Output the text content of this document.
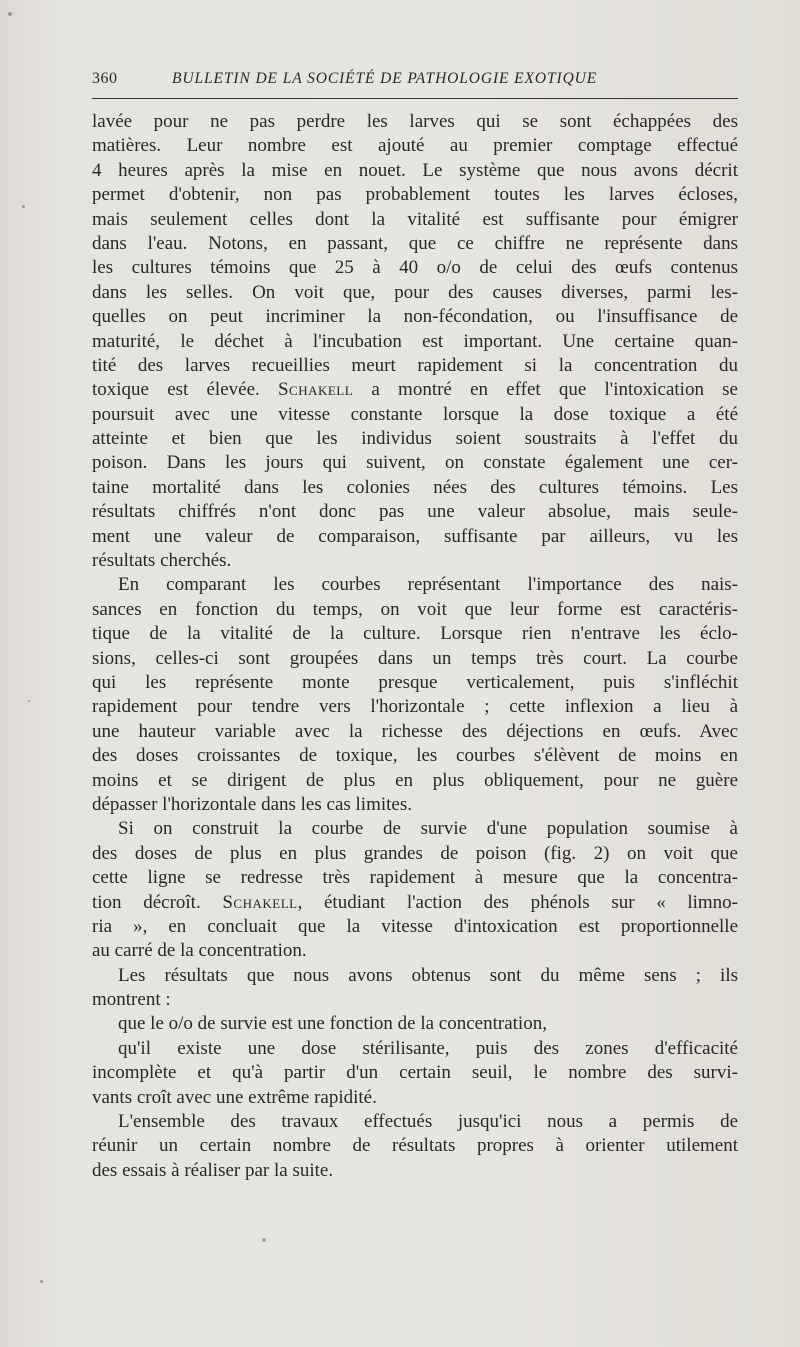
360	BULLETIN DE LA SOCIÉTÉ DE PATHOLOGIE EXOTIQUE
lavée pour ne pas perdre les larves qui se sont échappées des
matières. Leur nombre est ajouté au premier comptage effectué
4 heures après la mise en nouet. Le système que nous avons décrit
permet d'obtenir, non pas probablement toutes les larves écloses,
mais seulement celles dont la vitalité est suffisante pour émigrer
dans l'eau. Notons, en passant, que ce chiffre ne représente dans
les cultures témoins que 25 à 40 o/o de celui des œufs contenus
dans les selles. On voit que, pour des causes diverses, parmi les-
quelles on peut incriminer la non-fécondation, ou l'insuffisance de
maturité, le déchet à l'incubation est important. Une certaine quan-
tité des larves recueillies meurt rapidement si la concentration du
toxique est élevée. Schakell a montré en effet que l'intoxication se
poursuit avec une vitesse constante lorsque la dose toxique a été
atteinte et bien que les individus soient soustraits à l'effet du
poison. Dans les jours qui suivent, on constate également une cer-
taine mortalité dans les colonies nées des cultures témoins. Les
résultats chiffrés n'ont donc pas une valeur absolue, mais seule-
ment une valeur de comparaison, suffisante par ailleurs, vu les
résultats cherchés.
En comparant les courbes représentant l'importance des nais-
sances en fonction du temps, on voit que leur forme est caractéris-
tique de la vitalité de la culture. Lorsque rien n'entrave les éclo-
sions, celles-ci sont groupées dans un temps très court. La courbe
qui les représente monte presque verticalement, puis s'infléchit
rapidement pour tendre vers l'horizontale ; cette inflexion a lieu à
une hauteur variable avec la richesse des déjections en œufs. Avec
des doses croissantes de toxique, les courbes s'élèvent de moins en
moins et se dirigent de plus en plus obliquement, pour ne guère
dépasser l'horizontale dans les cas limites.
Si on construit la courbe de survie d'une population soumise à
des doses de plus en plus grandes de poison (fig. 2) on voit que
cette ligne se redresse très rapidement à mesure que la concentra-
tion décroît. Schakell, étudiant l'action des phénols sur « limno-
ria », en concluait que la vitesse d'intoxication est proportionnelle
au carré de la concentration.
Les résultats que nous avons obtenus sont du même sens ; ils
montrent :
que le o/o de survie est une fonction de la concentration,
qu'il existe une dose stérilisante, puis des zones d'efficacité
incomplète et qu'à partir d'un certain seuil, le nombre des survi-
vants croît avec une extrême rapidité.
L'ensemble des travaux effectués jusqu'ici nous a permis de
réunir un certain nombre de résultats propres à orienter utilement
des essais à réaliser par la suite.
